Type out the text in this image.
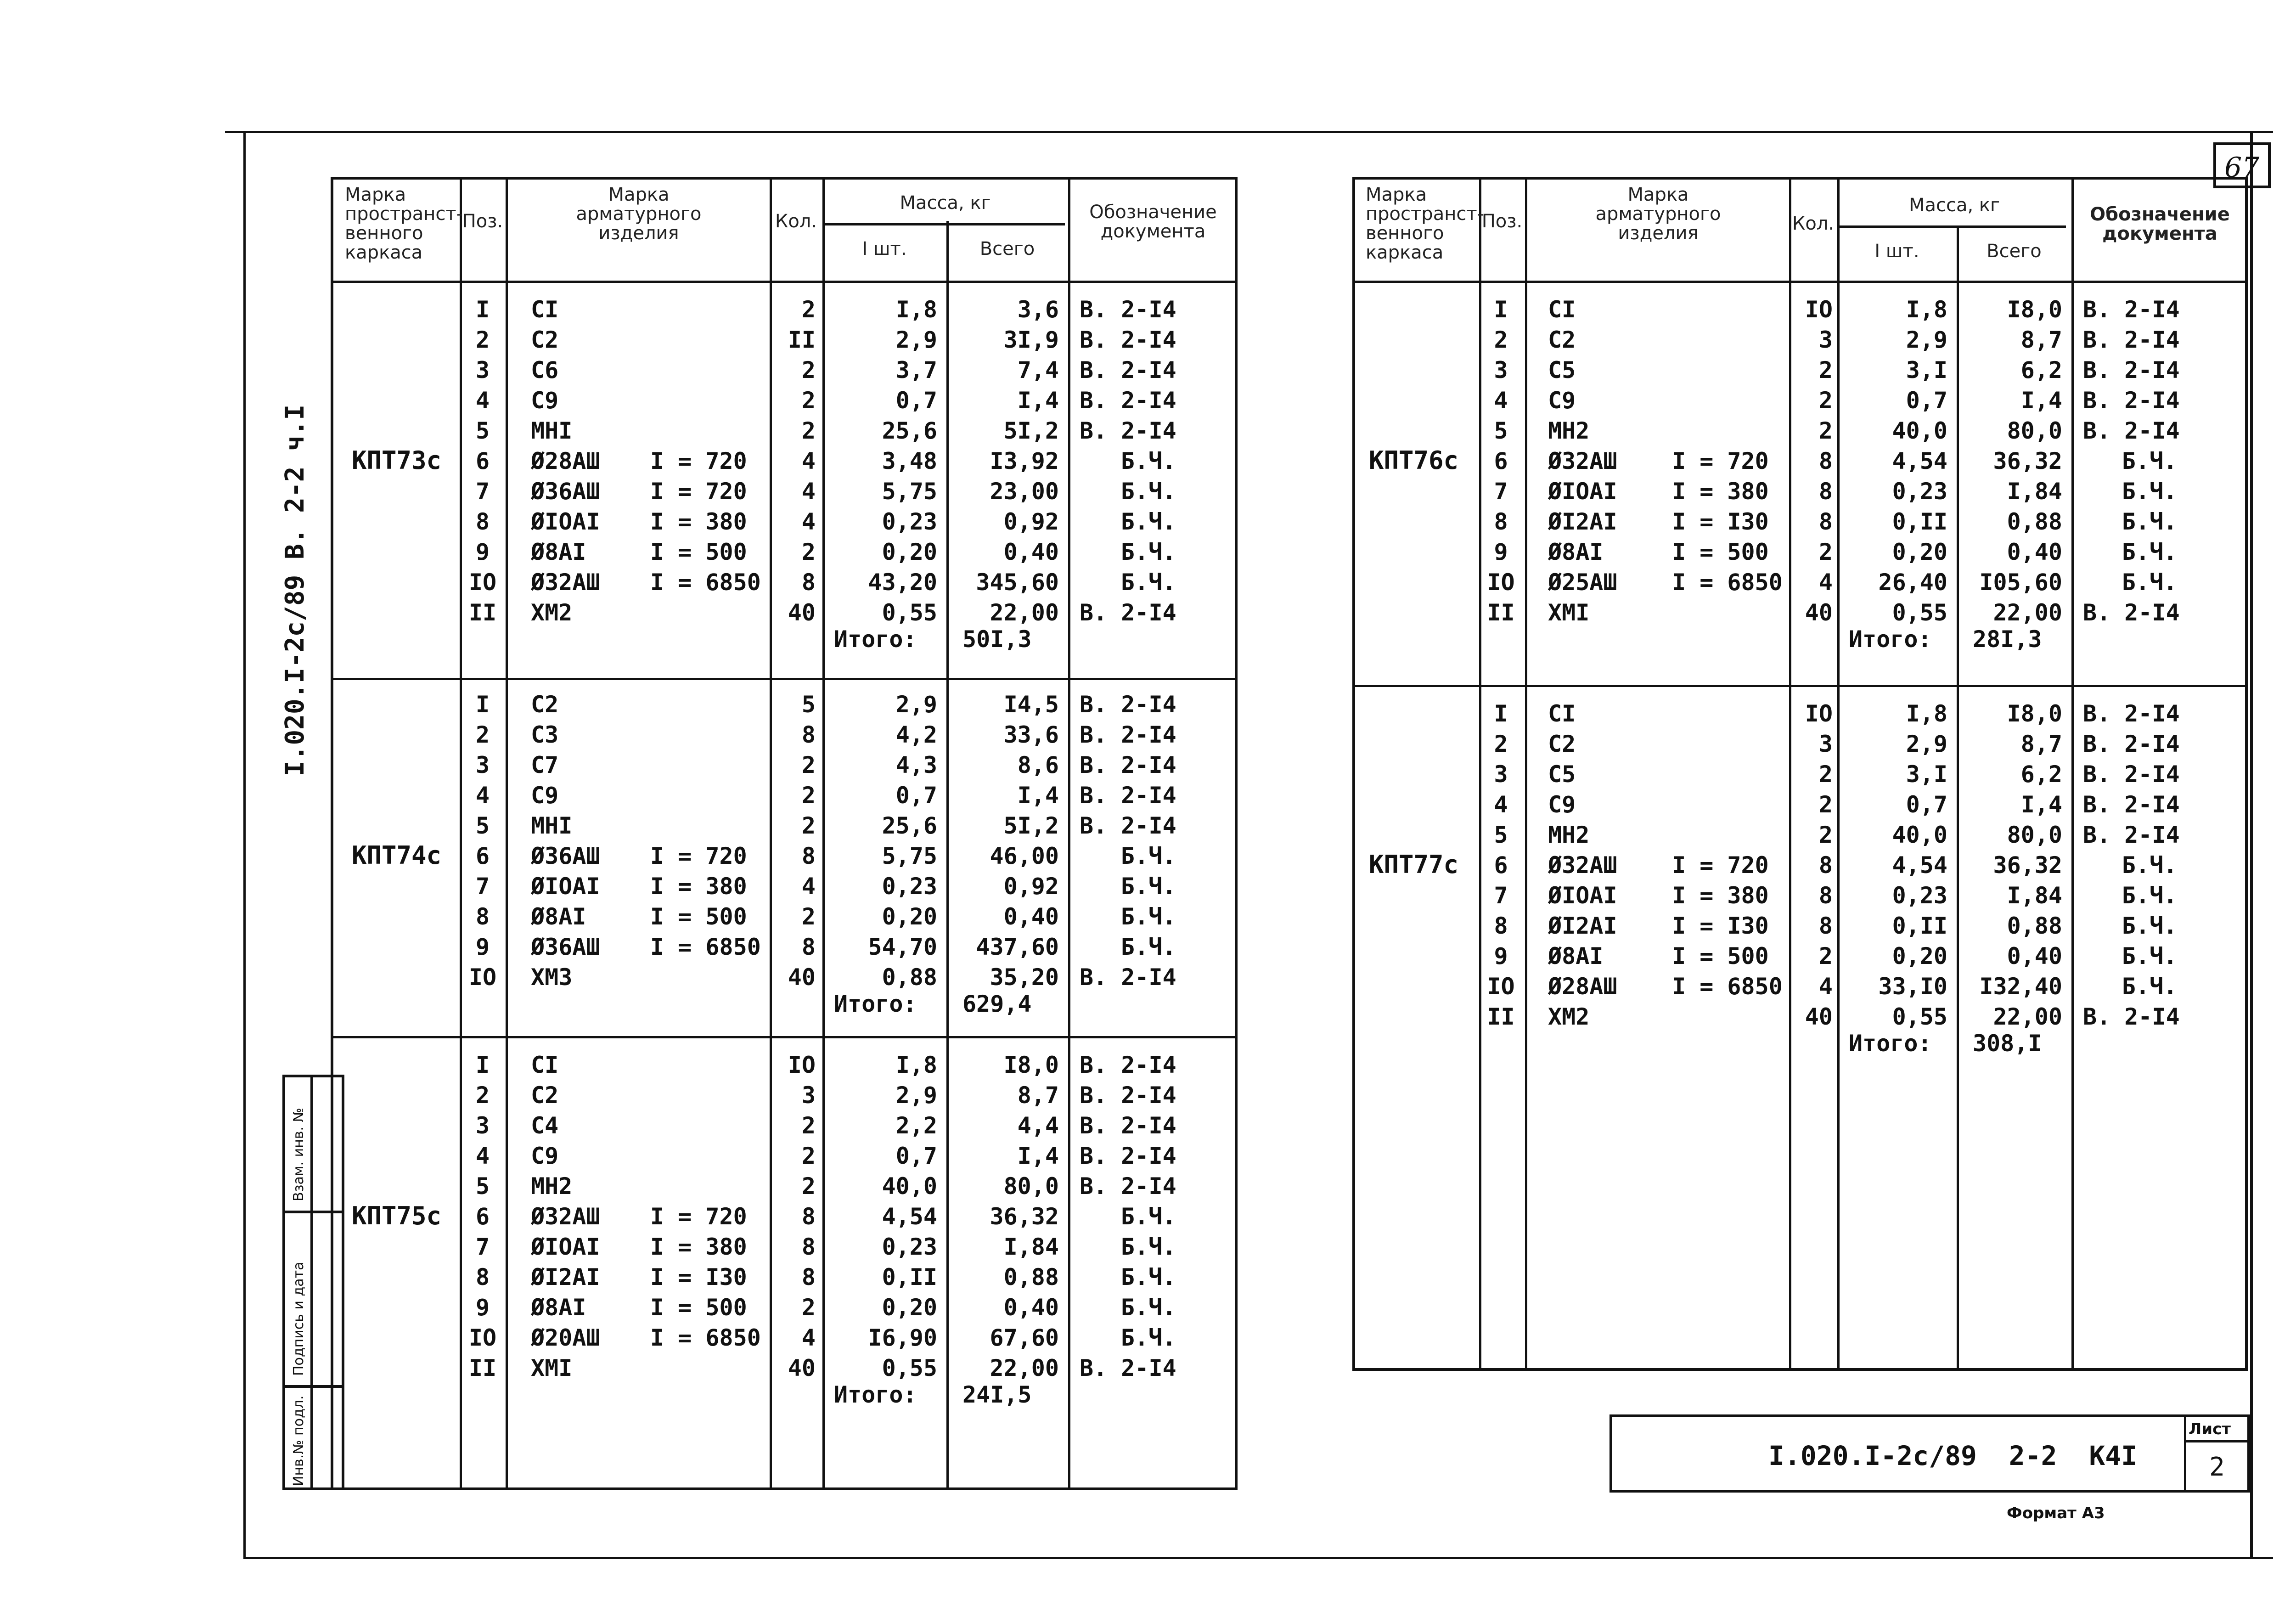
67
I.020.I-2c/89 В. 2-2 ч.I
Инв.№ подл.
Подпись и дата
Взам. инв. №
Марка
пространст-
венного
каркаса
Поз.
Марка
арматурного
изделия
Кол.
Масса, кг
I шт.	Всего
Обозначение
документа
КПТ73с
I	CI	2	I,8	3,6 В. 2-I4
2	C2	II	2,9	3I,9 В. 2-I4
3	C6	2	3,7	7,4 В. 2-I4
4	C9	2	0,7	I,4 В. 2-I4
5	МНI	2	25,6	5I,2 В. 2-I4
6	Ø28АШ I = 720	4	3,48	I3,92	Б.Ч.
7	Ø36АШ I = 720	4	5,75	23,00	Б.Ч.
8	ØIOAI I = 380	4	0,23	0,92	Б.Ч.
9	Ø8AI	I = 500	2	0,20	0,40	Б.Ч.
IO Ø32АШ I = 6850	8	43,20	345,60	Б.Ч.
II ХМ2	40	0,55	22,00 В. 2-I4
Итого: 50I,3
КПТ74с
I	C2	5	2,9	I4,5 В. 2-I4
2	C3	8	4,2	33,6 В. 2-I4
3	C7	2	4,3	8,6 В. 2-I4
4	C9	2	0,7	I,4 В. 2-I4
5	МНI	2	25,6	5I,2 В. 2-I4
6	Ø36АШ I = 720	8	5,75	46,00	Б.Ч.
7	ØIOAI I = 380	4	0,23	0,92	Б.Ч.
8	Ø8AI	I = 500	2	0,20	0,40	Б.Ч.
9	Ø36АШ I = 6850	8	54,70	437,60	Б.Ч.
IO ХМ3	40	0,88	35,20 В. 2-I4
Итого: 629,4
КПТ75с
I	CI	IO	I,8	I8,0 В. 2-I4
2	C2	3	2,9	8,7 В. 2-I4
3	C4	2	2,2	4,4 В. 2-I4
4	C9	2	0,7	I,4 В. 2-I4
5	МН2	2	40,0	80,0 В. 2-I4
6	Ø32АШ I = 720	8	4,54	36,32	Б.Ч.
7	ØIOAI I = 380	8	0,23	I,84	Б.Ч.
8	ØI2AI I = I30	8	0,II	0,88	Б.Ч.
9	Ø8AI	I = 500	2	0,20	0,40	Б.Ч.
IO Ø20АШ I = 6850	4	I6,90	67,60	Б.Ч.
II ХМI	40	0,55	22,00 В. 2-I4
Итого: 24I,5
Марка
пространст-
венного
каркаса
Поз.
Марка
арматурного
изделия	Кол.
Масса, кг
I шт.	Всего
Обозначение
документа
КПТ76с
I	CI	IO	I,8	I8,0 В. 2-I4
2	C2	3	2,9	8,7 В. 2-I4
3	C5	2	3,I	6,2 В. 2-I4
4	C9	2	0,7	I,4 В. 2-I4
5	МН2	2	40,0	80,0 В. 2-I4
6	Ø32АШ I = 720	8	4,54	36,32	Б.Ч.
7	ØIOAI I = 380	8	0,23	I,84	Б.Ч.
8	ØI2AI I = I30	8	0,II	0,88	Б.Ч.
9	Ø8AI	I = 500	2	0,20	0,40	Б.Ч.
IO Ø25АШ I = 6850	4	26,40	I05,60	Б.Ч.
II ХМI	40	0,55	22,00 В. 2-I4
Итого: 28I,3
КПТ77с
I	CI	IO	I,8	I8,0 В. 2-I4
2	C2	3	2,9	8,7 В. 2-I4
3	C5	2	3,I	6,2 В. 2-I4
4	C9	2	0,7	I,4 В. 2-I4
5	МН2	2	40,0	80,0 В. 2-I4
6	Ø32АШ I = 720	8	4,54	36,32	Б.Ч.
7	ØIOAI I = 380	8	0,23	I,84	Б.Ч.
8	ØI2AI I = I30	8	0,II	0,88	Б.Ч.
9	Ø8AI	I = 500	2	0,20	0,40	Б.Ч.
IO Ø28АШ I = 6850	4	33,I0	I32,40	Б.Ч.
II ХМ2	40	0,55	22,00 В. 2-I4
Итого: 308,I
I.020.I-2c/89  2-2  К4I
Лист
2
Формат А3
